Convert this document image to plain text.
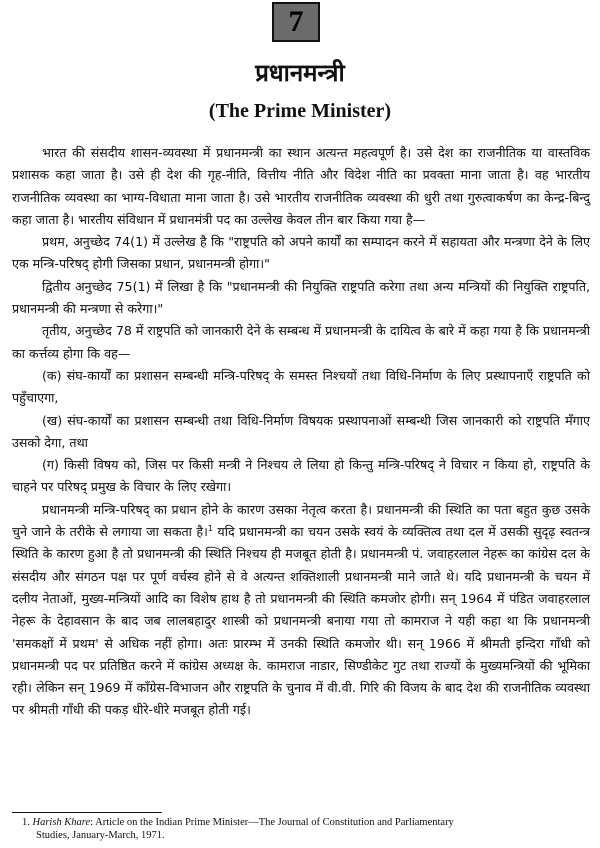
7
प्रधानमन्त्री
(The Prime Minister)

भारत की संसदीय शासन-व्यवस्था में प्रधानमन्त्री का स्थान अत्यन्त महत्वपूर्ण है। उसे देश का राजनीतिक या वास्तविक प्रशासक कहा जाता है। उसे ही देश की गृह-नीति, वित्तीय नीति और विदेश नीति का प्रवक्ता माना जाता है। वह भारतीय राजनीतिक व्यवस्था का भाग्य-विधाता माना जाता है। उसे भारतीय राजनीतिक व्यवस्था की धुरी तथा गुरुत्वाकर्षण का केन्द्र-बिन्दु कहा जाता है। भारतीय संविधान में प्रधानमंत्री पद का उल्लेख केवल तीन बार किया गया है—

प्रथम, अनुच्छेद 74(1) में उल्लेख है कि "राष्ट्रपति को अपने कार्यों का सम्पादन करने में सहायता और मन्त्रणा देने के लिए एक मन्त्रि-परिषद् होगी जिसका प्रधान, प्रधानमन्त्री होगा।"

द्वितीय अनुच्छेद 75(1) में लिखा है कि "प्रधानमन्त्री की नियुक्ति राष्ट्रपति करेगा तथा अन्य मन्त्रियों की नियुक्ति राष्ट्रपति, प्रधानमन्त्री की मन्त्रणा से करेगा।"

तृतीय, अनुच्छेद 78 में राष्ट्रपति को जानकारी देने के सम्बन्ध में प्रधानमन्त्री के दायित्व के बारे में कहा गया है कि प्रधानमन्त्री का कर्त्तव्य होगा कि वह—

(क) संघ-कार्यों का प्रशासन सम्बन्धी मन्त्रि-परिषद् के समस्त निश्चयों तथा विधि-निर्माण के लिए प्रस्थापनाएँ राष्ट्रपति को पहुँचाएगा,

(ख) संघ-कार्यों का प्रशासन सम्बन्धी तथा विधि-निर्माण विषयक प्रस्थापनाओं सम्बन्धी जिस जानकारी को राष्ट्रपति मँगाए उसको देगा, तथा

(ग) किसी विषय को, जिस पर किसी मन्त्री ने निश्चय ले लिया हो किन्तु मन्त्रि-परिषद् ने विचार न किया हो, राष्ट्रपति के चाहने पर परिषद् प्रमुख के विचार के लिए रखेगा।

प्रधानमन्त्री मन्त्रि-परिषद् का प्रधान होने के कारण उसका नेतृत्व करता है। प्रधानमन्त्री की स्थिति का पता बहुत कुछ उसके चुने जाने के तरीके से लगाया जा सकता है।$^1$ यदि प्रधानमन्त्री का चयन उसके स्वयं के व्यक्तित्व तथा दल में उसकी सुदृढ़ स्वतन्त्र स्थिति के कारण हुआ है तो प्रधानमन्त्री की स्थिति निश्चय ही मजबूत होती है। प्रधानमन्त्री पं. जवाहरलाल नेहरू का कांग्रेस दल के संसदीय और संगठन पक्ष पर पूर्ण वर्चस्व होने से वे अत्यन्त शक्तिशाली प्रधानमन्त्री माने जाते थे। यदि प्रधानमन्त्री के चयन में दलीय नेताओं, मुख्य-मन्त्रियों आदि का विशेष हाथ है तो प्रधानमन्त्री की स्थिति कमजोर होगी। सन् 1964 में पंडित जवाहरलाल नेहरू के देहावसान के बाद जब लालबहादुर शास्त्री को प्रधानमन्त्री बनाया गया तो कामराज ने यही कहा था कि प्रधानमन्त्री 'समकक्षों में प्रथम' से अधिक नहीं होगा। अतः प्रारम्भ में उनकी स्थिति कमजोर थी। सन् 1966 में श्रीमती इन्दिरा गाँधी को प्रधानमन्त्री पद पर प्रतिष्ठित करने में कांग्रेस अध्यक्ष के. कामराज नाडार, सिण्डीकेट गुट तथा राज्यों के मुख्यमन्त्रियों की भूमिका रही। लेकिन सन् 1969 में कॉंग्रेस-विभाजन और राष्ट्रपति के चुनाव में वी.वी. गिरि की विजय के बाद देश की राजनीतिक व्यवस्था पर श्रीमती गाँधी की पकड़ धीरे-धीरे मजबूत होती गई।

1. Harish Khare: Article on the Indian Prime Minister—The Journal of Constitution and Parliamentary
Studies, January-March, 1971.
